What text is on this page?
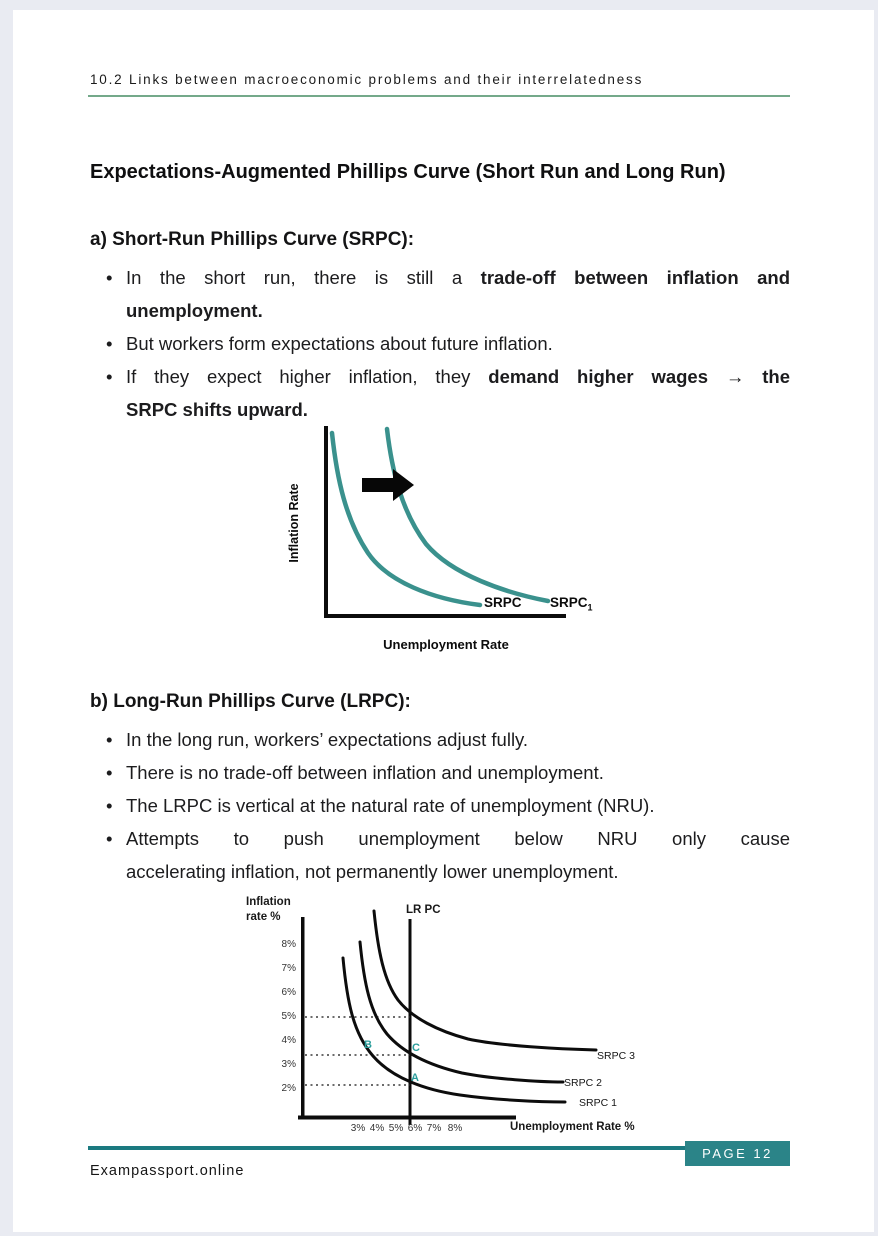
10.2 Links between macroeconomic problems and their interrelatedness
Expectations-Augmented Phillips Curve (Short Run and Long Run)
a) Short-Run Phillips Curve (SRPC):
• In the short run, there is still a trade-off between inflation and
unemployment.
• But workers form expectations about future inflation.
• If they expect higher inflation, they demand higher wages → the
SRPC shifts upward.
Inflation Rate
Unemployment Rate
SRPC $SRPC_1$
b) Long-Run Phillips Curve (LRPC):
• In the long run, workers’ expectations adjust fully.
• There is no trade-off between inflation and unemployment.
• The LRPC is vertical at the natural rate of unemployment (NRU).
• Attempts to push unemployment below NRU only cause
accelerating inflation, not permanently lower unemployment.
Inflation rate %
LR PC
Unemployment Rate %
8%
7%
6%
5%
4%
3%
2%
3% 4% 5% 6% 7% 8%
SRPC 3
SRPC 2
SRPC 1
B	C
A
PAGE 12
Exampassport.online
